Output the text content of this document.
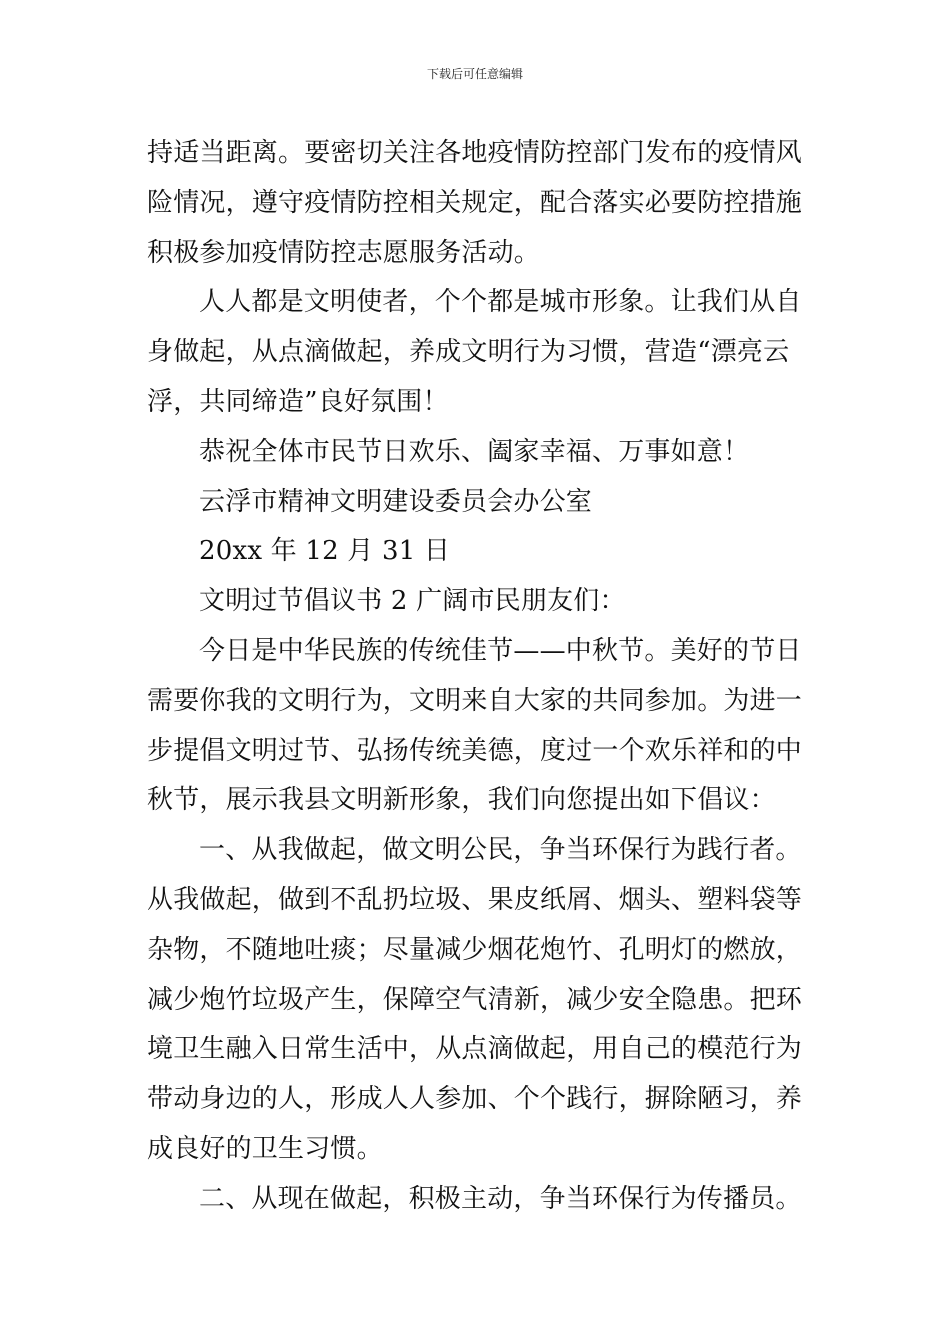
下载后可任意编辑
持适当距离。要密切关注各地疫情防控部门发布的疫情风
险情况，遵守疫情防控相关规定，配合落实必要防控措施
积极参加疫情防控志愿服务活动。
人人都是文明使者，个个都是城市形象。让我们从自
身做起，从点滴做起，养成文明行为习惯，营造“漂亮云
浮，共同缔造”良好氛围！
恭祝全体市民节日欢乐、阖家幸福、万事如意！
云浮市精神文明建设委员会办公室
20xx 年 12 月 31 日
文明过节倡议书 2 广阔市民朋友们：
今日是中华民族的传统佳节——中秋节。美好的节日
需要你我的文明行为，文明来自大家的共同参加。为进一
步提倡文明过节、弘扬传统美德，度过一个欢乐祥和的中
秋节，展示我县文明新形象，我们向您提出如下倡议：
一、从我做起，做文明公民，争当环保行为践行者。
从我做起，做到不乱扔垃圾、果皮纸屑、烟头、塑料袋等
杂物，不随地吐痰；尽量减少烟花炮竹、孔明灯的燃放，
减少炮竹垃圾产生，保障空气清新，减少安全隐患。把环
境卫生融入日常生活中，从点滴做起，用自己的模范行为
带动身边的人，形成人人参加、个个践行，摒除陋习，养
成良好的卫生习惯。
二、从现在做起，积极主动，争当环保行为传播员。
